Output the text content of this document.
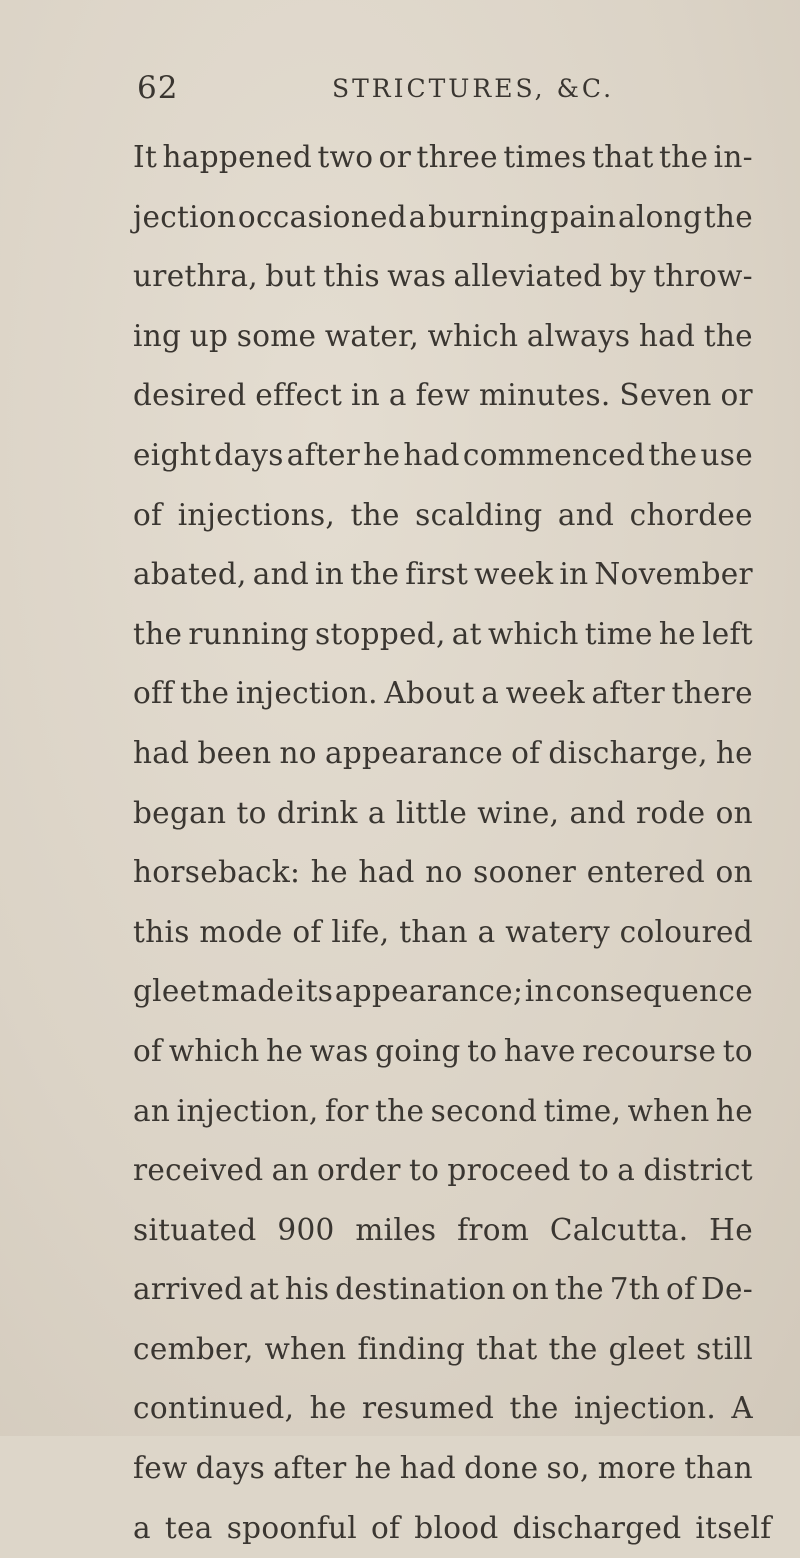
62	STRICTURES, &C.
It happened two or three times that the in-
jection occasioned a burning pain along the
urethra, but this was alleviated by throw-
ing up some water, which always had the
desired effect in a few minutes. Seven or
eight days after he had commenced the use
of injections, the scalding and chordee
abated, and in the first week in November
the running stopped, at which time he left
off the injection. About a week after there
had been no appearance of discharge, he
began to drink a little wine, and rode on
horseback: he had no sooner entered on
this mode of life, than a watery coloured
gleet made its appearance; in consequence
of which he was going to have recourse to
an injection, for the second time, when he
received an order to proceed to a district
situated 900 miles from Calcutta. He
arrived at his destination on the 7th of De-
cember, when finding that the gleet still
continued, he resumed the injection. A
few days after he had done so, more than
a tea spoonful of blood discharged itself
